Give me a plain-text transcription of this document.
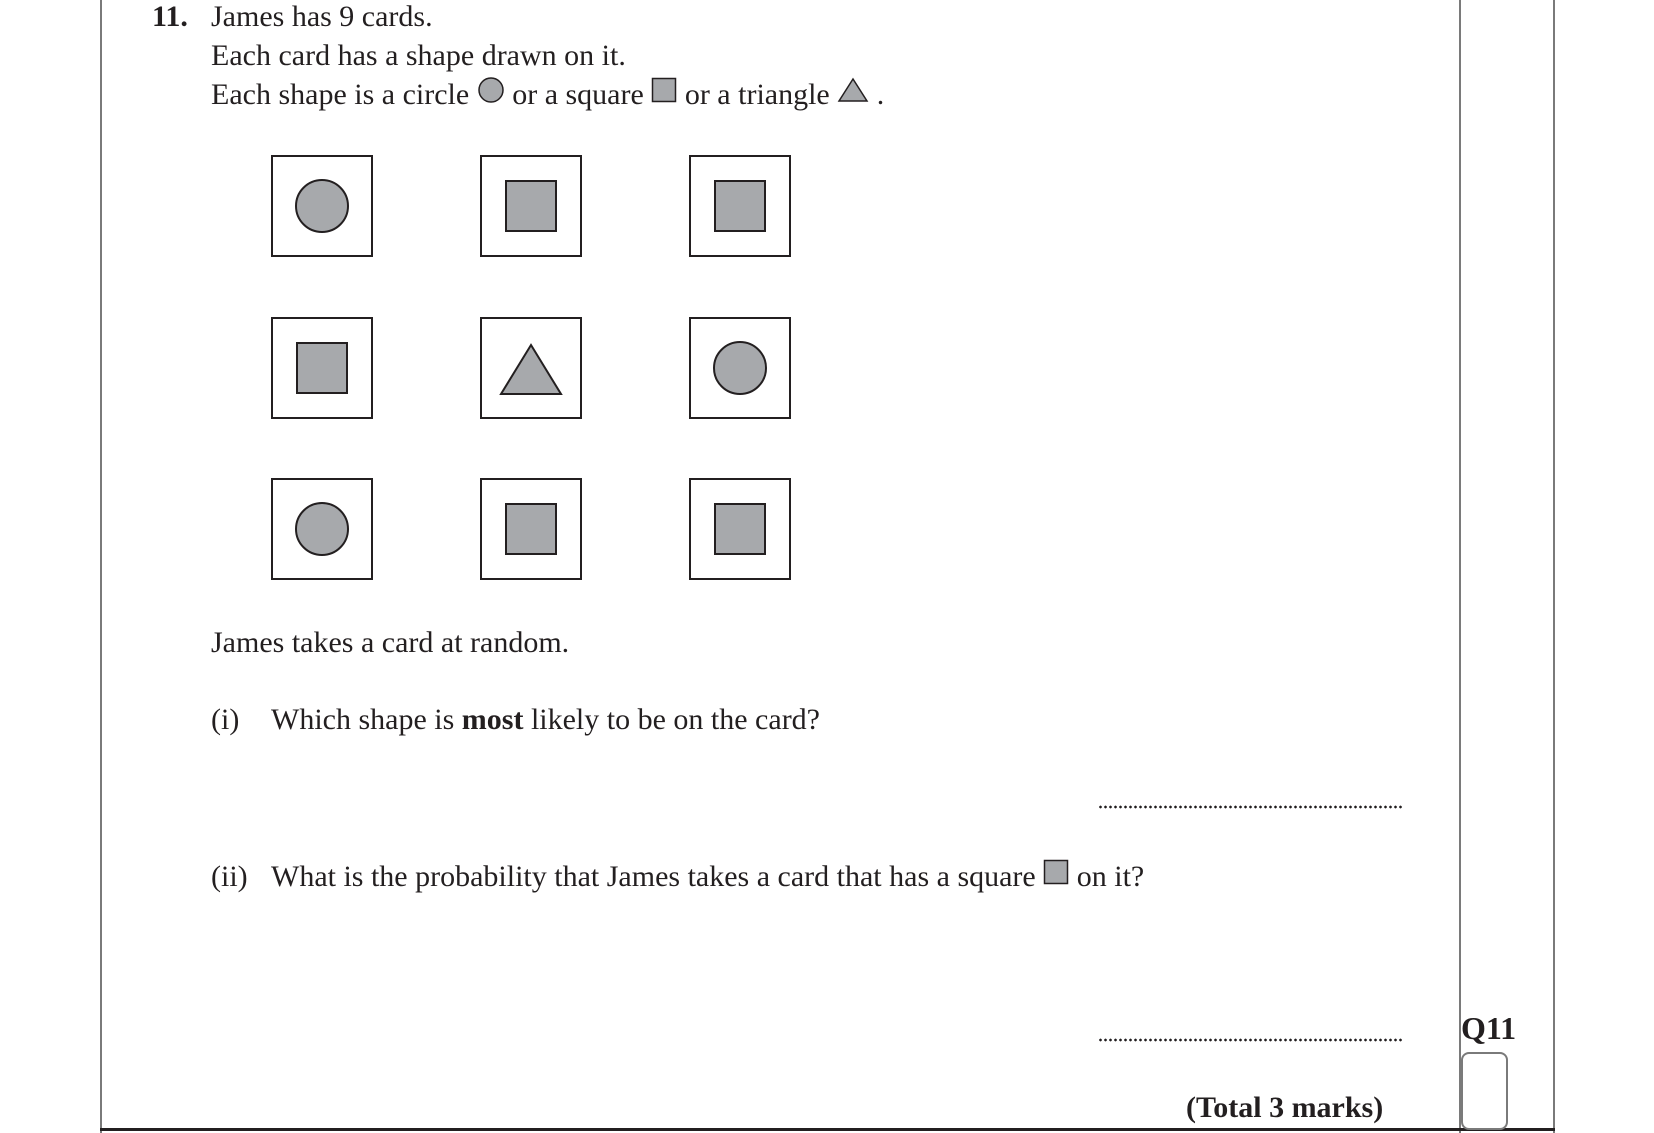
11. James has 9 cards.
Each card has a shape drawn on it.
Each shape is a circle or a square or a triangle .
James takes a card at random.
(i) Which shape is most likely to be on the card?
(ii) What is the probability that James takes a card that has a square on it?
Q11
(Total 3 marks)
